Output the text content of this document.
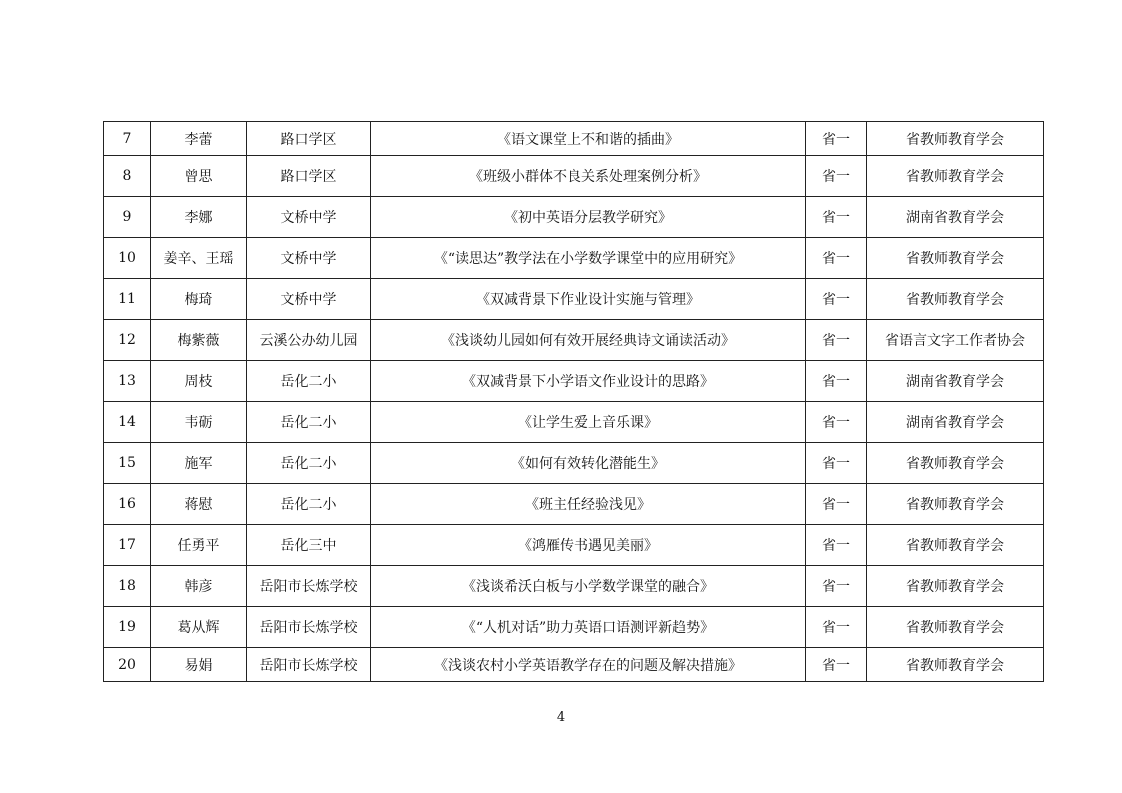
7	李蕾	路口学区	《语文课堂上不和谐的插曲》	省一	省教师教育学会
8	曾思	路口学区	《班级小群体不良关系处理案例分析》	省一	省教师教育学会
9	李娜	文桥中学	《初中英语分层教学研究》	省一	湖南省教育学会
10	姜辛、王瑶	文桥中学	《“读思达”教学法在小学数学课堂中的应用研究》	省一	省教师教育学会
11	梅琦	文桥中学	《双减背景下作业设计实施与管理》	省一	省教师教育学会
12	梅紫薇	云溪公办幼儿园	《浅谈幼儿园如何有效开展经典诗文诵读活动》	省一	省语言文字工作者协会
13	周枝	岳化二小	《双减背景下小学语文作业设计的思路》	省一	湖南省教育学会
14	韦砺	岳化二小	《让学生爱上音乐课》	省一	湖南省教育学会
15	施军	岳化二小	《如何有效转化潜能生》	省一	省教师教育学会
16	蒋慰	岳化二小	《班主任经验浅见》	省一	省教师教育学会
17	任勇平	岳化三中	《鸿雁传书遇见美丽》	省一	省教师教育学会
18	韩彦	岳阳市长炼学校	《浅谈希沃白板与小学数学课堂的融合》	省一	省教师教育学会
19	葛从辉	岳阳市长炼学校	《“人机对话”助力英语口语测评新趋势》	省一	省教师教育学会
20	易娟	岳阳市长炼学校	《浅谈农村小学英语教学存在的问题及解决措施》	省一	省教师教育学会
4
